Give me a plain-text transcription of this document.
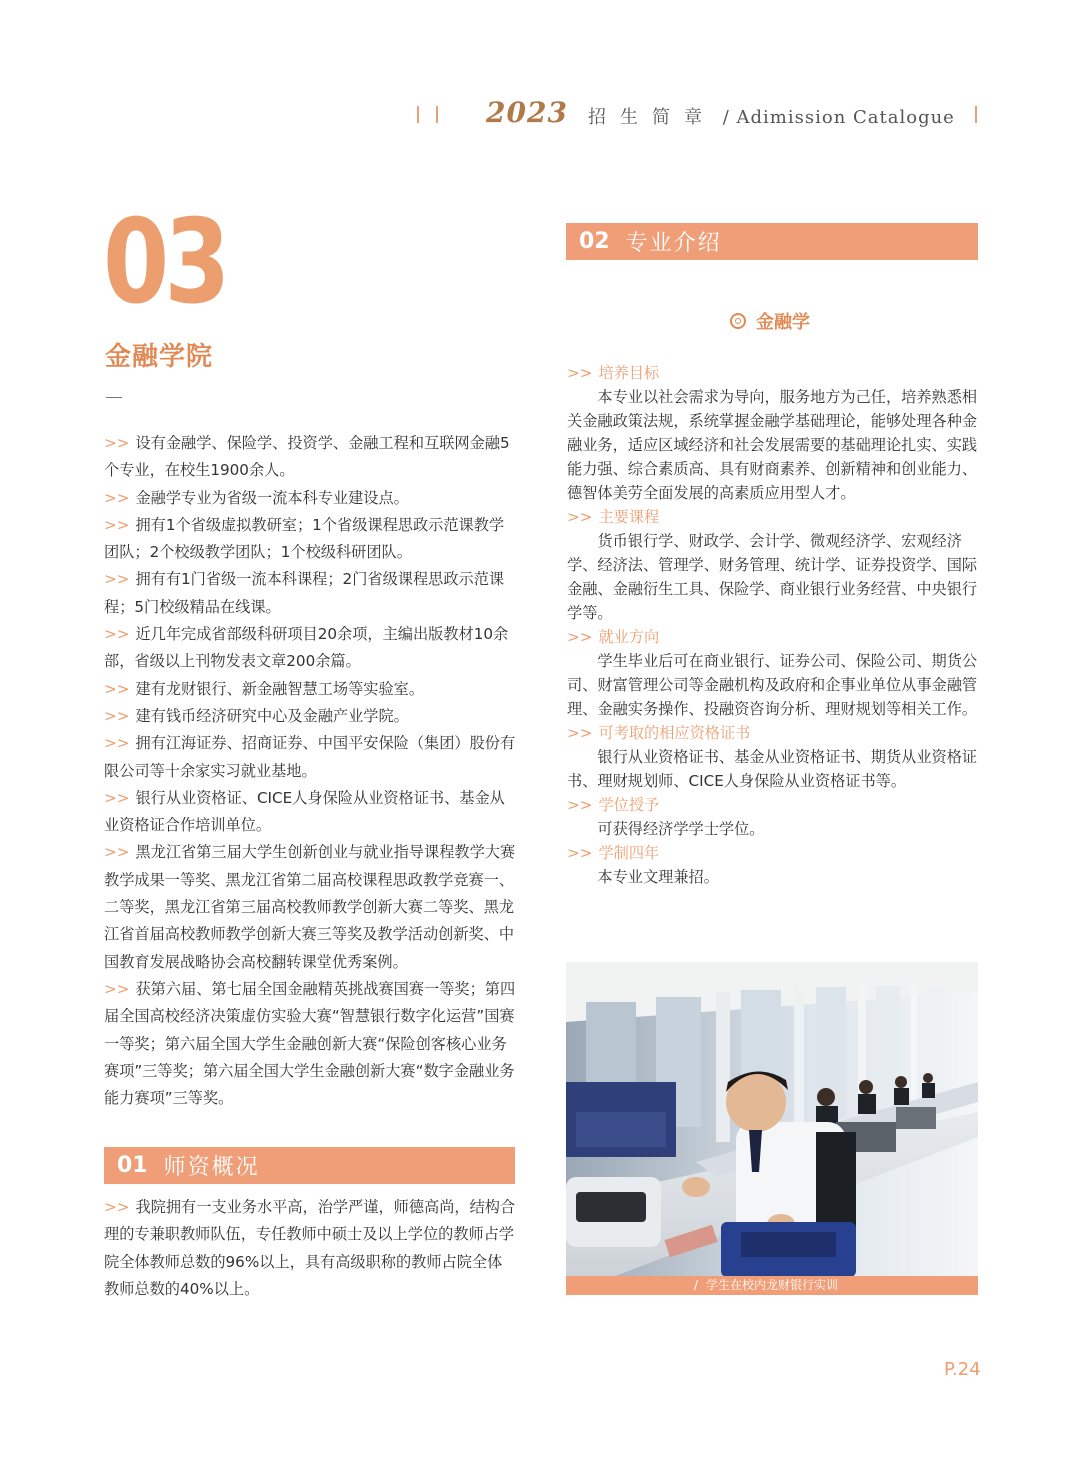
2023 招生简章 / Adimission Catalogue
03
金融学院

>> 设有金融学、保险学、投资学、金融工程和互联网金融5个专业，在校生1900余人。

>> 金融学专业为省级一流本科专业建设点。

>> 拥有1个省级虚拟教研室；1个省级课程思政示范课教学团队；2个校级教学团队；1个校级科研团队。

>> 拥有有1门省级一流本科课程；2门省级课程思政示范课程；5门校级精品在线课。

>> 近几年完成省部级科研项目20余项，主编出版教材10余部，省级以上刊物发表文章200余篇。

>> 建有龙财银行、新金融智慧工场等实验室。

>> 建有钱币经济研究中心及金融产业学院。

>> 拥有江海证券、招商证券、中国平安保险（集团）股份有限公司等十余家实习就业基地。

>> 银行从业资格证、CICE人身保险从业资格证书、基金从业资格证合作培训单位。

>> 黑龙江省第三届大学生创新创业与就业指导课程教学大赛教学成果一等奖、黑龙江省第二届高校课程思政教学竞赛一、二等奖，黑龙江省第三届高校教师教学创新大赛二等奖、黑龙江省首届高校教师教学创新大赛三等奖及教学活动创新奖、中国教育发展战略协会高校翻转课堂优秀案例。

>> 获第六届、第七届全国金融精英挑战赛国赛一等奖；第四届全国高校经济决策虚仿实验大赛“智慧银行数字化运营”国赛一等奖；第六届全国大学生金融创新大赛“保险创客核心业务赛项”三等奖；第六届全国大学生金融创新大赛“数字金融业务能力赛项”三等奖。

01 师资概况

>> 我院拥有一支业务水平高，治学严谨，师德高尚，结构合理的专兼职教师队伍，专任教师中硕士及以上学位的教师占学院全体教师总数的96%以上，具有高级职称的教师占院全体教师总数的40%以上。

02 专业介绍
金融学

>> 培养目标

本专业以社会需求为导向，服务地方为己任，培养熟悉相关金融政策法规，系统掌握金融学基础理论，能够处理各种金融业务，适应区域经济和社会发展需要的基础理论扎实、实践能力强、综合素质高、具有财商素养、创新精神和创业能力、德智体美劳全面发展的高素质应用型人才。

>> 主要课程

货币银行学、财政学、会计学、微观经济学、宏观经济学、经济法、管理学、财务管理、统计学、证券投资学、国际金融、金融衍生工具、保险学、商业银行业务经营、中央银行学等。

>> 就业方向

学生毕业后可在商业银行、证券公司、保险公司、期货公司、财富管理公司等金融机构及政府和企事业单位从事金融管理、金融实务操作、投融资咨询分析、理财规划等相关工作。

>> 可考取的相应资格证书

银行从业资格证书、基金从业资格证书、期货从业资格证书、理财规划师、CICE人身保险从业资格证书等。

>> 学位授予

可获得经济学学士学位。

>> 学制四年

本专业文理兼招。

/ 学生在校内龙财银行实训
P.24
